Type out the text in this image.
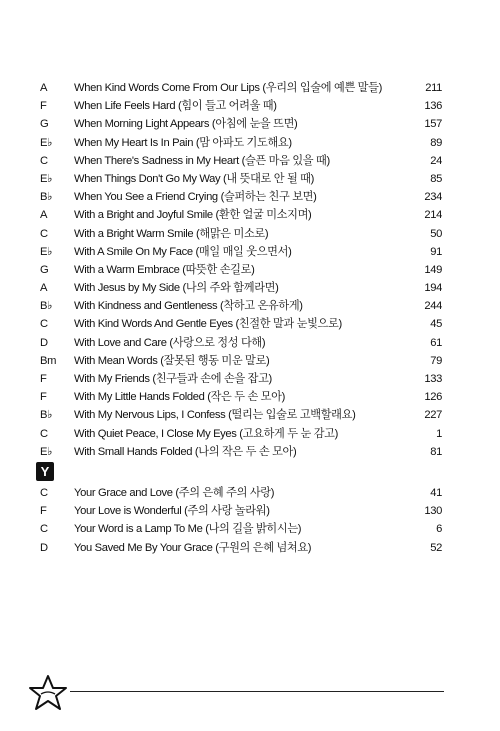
A When Kind Words Come From Our Lips (우리의 입술에 예쁜 말들)	211
F When Life Feels Hard (힘이 들고 어려울 때)	136
G When Morning Light Appears (아침에 눈을 뜨면)	157
E♭ When My Heart Is In Pain (맘 아파도 기도해요)	89
C When There's Sadness in My Heart (슬픈 마음 있을 때)	24
E♭ When Things Don't Go My Way (내 뜻대로 안 될 때)	85
B♭ When You See a Friend Crying (슬퍼하는 친구 보면)	234
A With a Bright and Joyful Smile (환한 얼굴 미소지며)	214
C With a Bright Warm Smile (해맑은 미소로)	50
E♭ With A Smile On My Face (매일 매일 웃으면서)	91
G With a Warm Embrace (따뜻한 손길로)	149
A With Jesus by My Side (나의 주와 함께라면)	194
B♭ With Kindness and Gentleness (착하고 온유하게)	244
C With Kind Words And Gentle Eyes (친절한 말과 눈빛으로)	45
D With Love and Care (사랑으로 정성 다해)	61
Bm With Mean Words (잘못된 행동 미운 말로)	79
F With My Friends (친구들과 손에 손을 잡고)	133
F With My Little Hands Folded (작은 두 손 모아)	126
B♭ With My Nervous Lips, I Confess (떨리는 입술로 고백할래요)	227
C With Quiet Peace, I Close My Eyes (고요하게 두 눈 감고)	1
E♭ With Small Hands Folded (나의 작은 두 손 모아)	81
Y
C Your Grace and Love (주의 은혜 주의 사랑)	41
F Your Love is Wonderful (주의 사랑 놀라워)	130
C Your Word is a Lamp To Me (나의 길을 밝히시는)	6
D You Saved Me By Your Grace (구원의 은혜 넘쳐요)	52
